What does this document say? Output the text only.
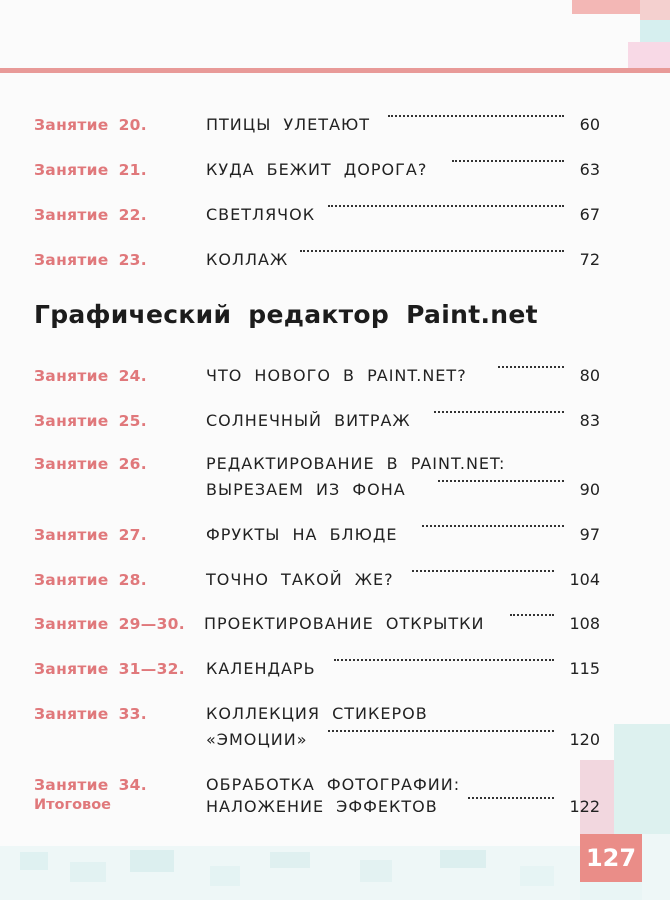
127
Графический редактор Paint.net
Занятие 20.	ПТИЦЫ УЛЕТАЮТ	60
Занятие 21.	КУДА БЕЖИТ ДОРОГА?	63
Занятие 22.	СВЕТЛЯЧОК	67
Занятие 23.	КОЛЛАЖ	72
Занятие 24.	ЧТО НОВОГО В PAINT.NET?	80
Занятие 25.	СОЛНЕЧНЫЙ ВИТРАЖ	83
Занятие 26.	РЕДАКТИРОВАНИЕ В PAINT.NET:
ВЫРЕЗАЕМ ИЗ ФОНА	90
Занятие 27.	ФРУКТЫ НА БЛЮДЕ	97
Занятие 28.	ТОЧНО ТАКОЙ ЖЕ?	104
Занятие 29—30. ПРОЕКТИРОВАНИЕ ОТКРЫТКИ	108
Занятие 31—32. КАЛЕНДАРЬ	115
Занятие 33.	КОЛЛЕКЦИЯ СТИКЕРОВ
«ЭМОЦИИ»	120
Занятие 34.
Итоговое
ОБРАБОТКА ФОТОГРАФИИ:
НАЛОЖЕНИЕ ЭФФЕКТОВ	122
